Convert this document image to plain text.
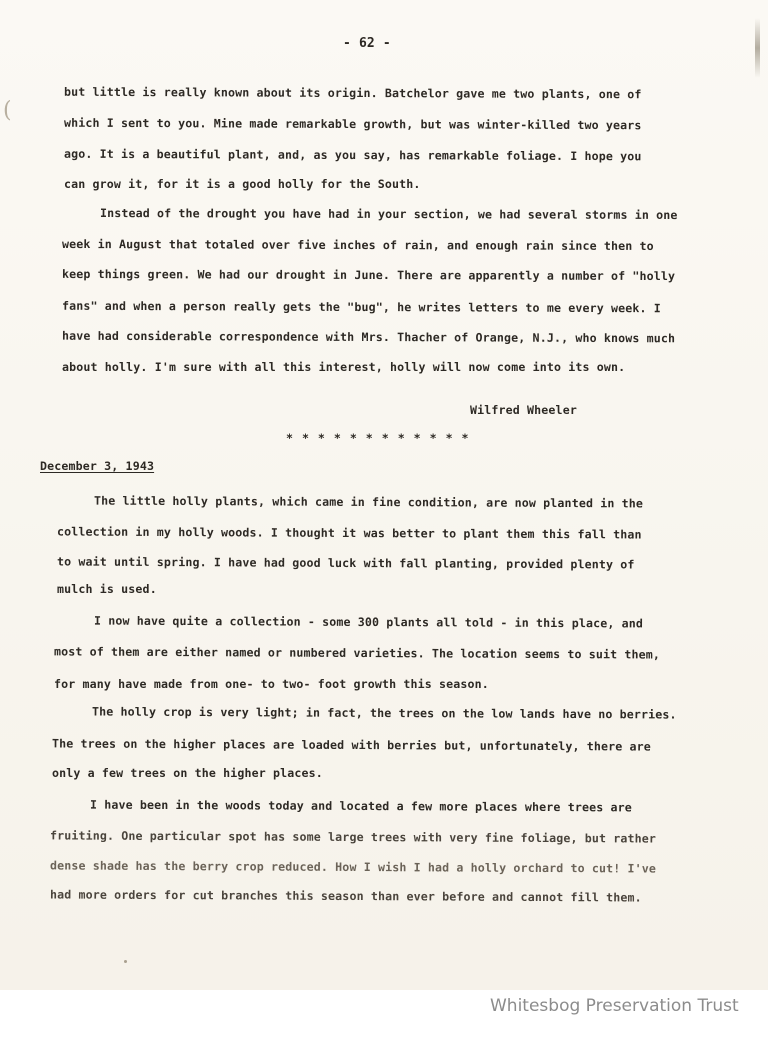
(
- 62 -
but little is really known about its origin. Batchelor gave me two plants, one of
which I sent to you. Mine made remarkable growth, but was winter-killed two years
ago. It is a beautiful plant, and, as you say, has remarkable foliage. I hope you
can grow it, for it is a good holly for the South.
Instead of the drought you have had in your section, we had several storms in one
week in August that totaled over five inches of rain, and enough rain since then to
keep things green. We had our drought in June. There are apparently a number of "holly
fans" and when a person really gets the "bug", he writes letters to me every week. I
have had considerable correspondence with Mrs. Thacher of Orange, N.J., who knows much
about holly. I'm sure with all this interest, holly will now come into its own.
Wilfred Wheeler
* * * * * * * * * * * *
December 3, 1943
The little holly plants, which came in fine condition, are now planted in the
collection in my holly woods. I thought it was better to plant them this fall than
to wait until spring. I have had good luck with fall planting, provided plenty of
mulch is used.
I now have quite a collection - some 300 plants all told - in this place, and
most of them are either named or numbered varieties. The location seems to suit them,
for many have made from one- to two- foot growth this season.
The holly crop is very light; in fact, the trees on the low lands have no berries.
The trees on the higher places are loaded with berries but, unfortunately, there are
only a few trees on the higher places.
I have been in the woods today and located a few more places where trees are
fruiting. One particular spot has some large trees with very fine foliage, but rather
dense shade has the berry crop reduced. How I wish I had a holly orchard to cut! I've
had more orders for cut branches this season than ever before and cannot fill them.
Whitesbog Preservation Trust
